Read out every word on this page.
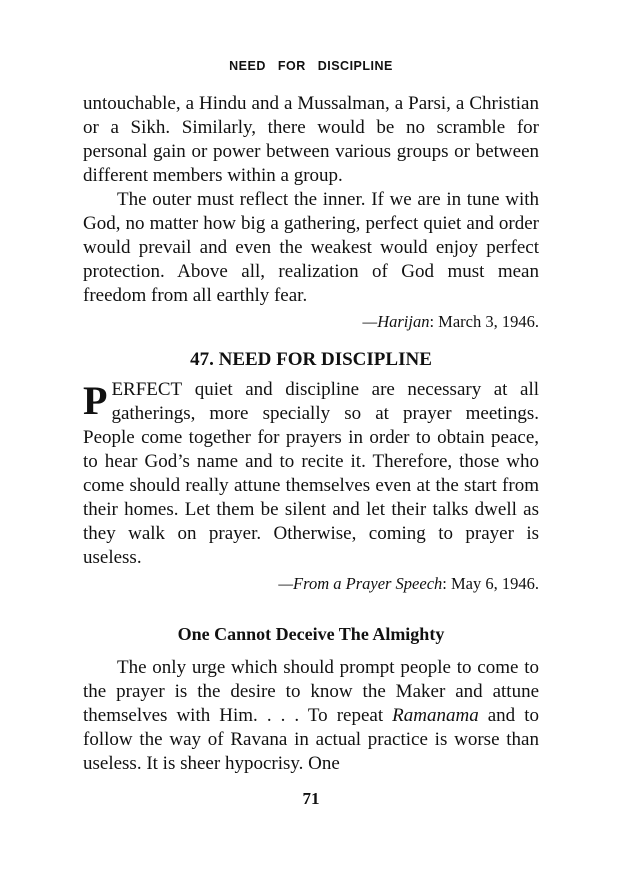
NEED FOR DISCIPLINE

untouchable, a Hindu and a Mussalman, a Parsi, a Christian or a Sikh. Similarly, there would be no scramble for personal gain or power between various groups or between different members within a group.

The outer must reflect the inner. If we are in tune with God, no matter how big a gathering, perfect quiet and order would prevail and even the weakest would enjoy perfect protection. Above all, realization of God must mean freedom from all earthly fear.

—Harijan: March 3, 1946.
47. NEED FOR DISCIPLINE

PERFECT quiet and discipline are necessary at all gatherings, more specially so at prayer meetings. People come together for prayers in order to obtain peace, to hear God’s name and to recite it. Therefore, those who come should really attune themselves even at the start from their homes. Let them be silent and let their talks dwell as they walk on prayer. Otherwise, coming to prayer is useless.

—From a Prayer Speech: May 6, 1946.
One Cannot Deceive The Almighty

The only urge which should prompt people to come to the prayer is the desire to know the Maker and attune themselves with Him. . . . To repeat Ramanama and to follow the way of Ravana in actual practice is worse than useless. It is sheer hypocrisy. One

71
